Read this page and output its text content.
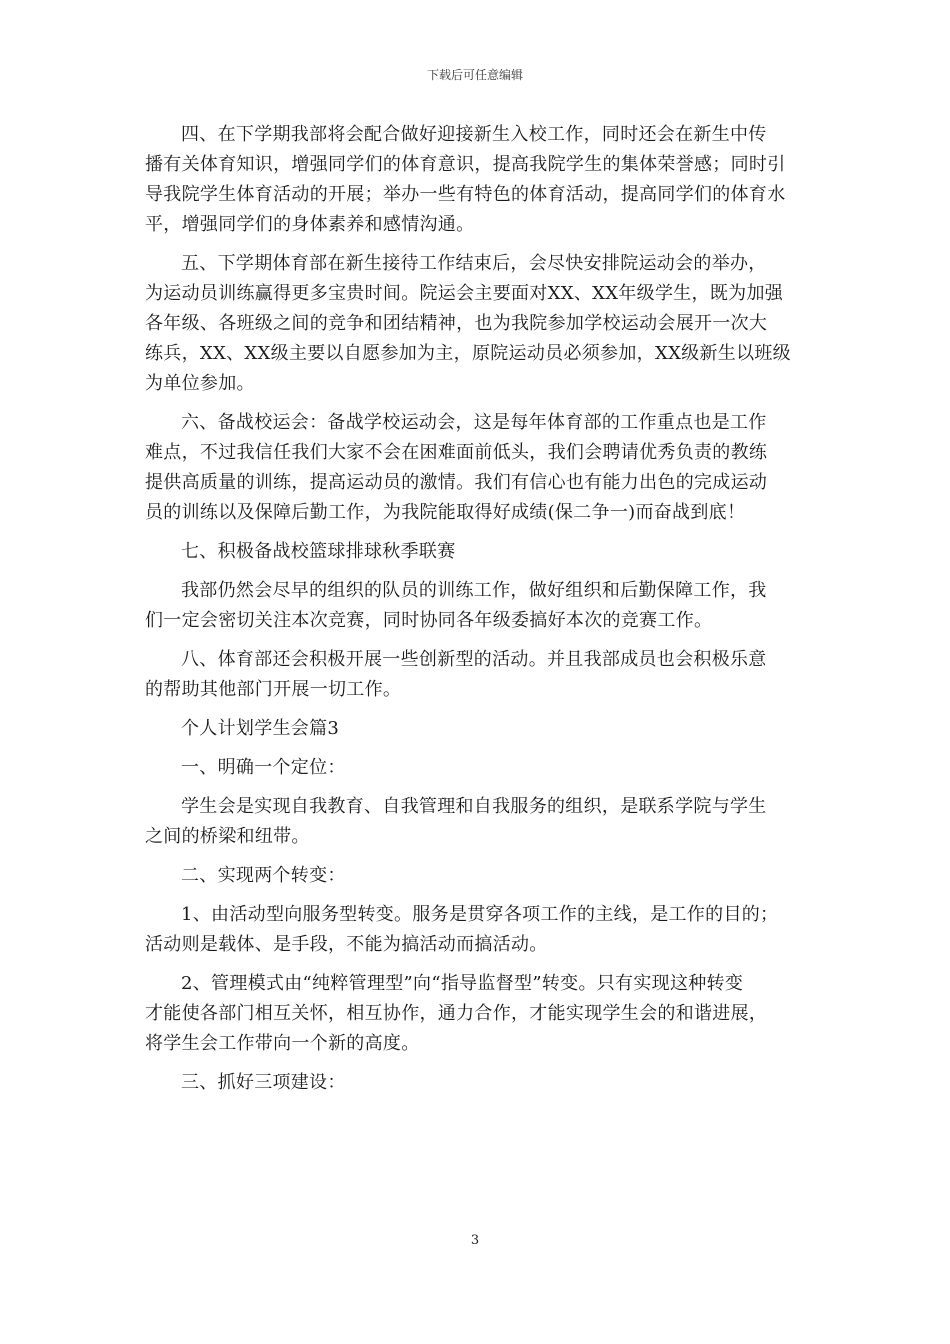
下载后可任意编辑

四、在下学期我部将会配合做好迎接新生入校工作，同时还会在新生中传
播有关体育知识，增强同学们的体育意识，提高我院学生的集体荣誉感；同时引
导我院学生体育活动的开展；举办一些有特色的体育活动，提高同学们的体育水
平，增强同学们的身体素养和感情沟通。

五、下学期体育部在新生接待工作结束后，会尽快安排院运动会的举办，
为运动员训练赢得更多宝贵时间。院运会主要面对XX、XX年级学生，既为加强
各年级、各班级之间的竞争和团结精神，也为我院参加学校运动会展开一次大
练兵，XX、XX级主要以自愿参加为主，原院运动员必须参加，XX级新生以班级
为单位参加。

六、备战校运会：备战学校运动会，这是每年体育部的工作重点也是工作
难点，不过我信任我们大家不会在困难面前低头，我们会聘请优秀负责的教练
提供高质量的训练，提高运动员的激情。我们有信心也有能力出色的完成运动
员的训练以及保障后勤工作，为我院能取得好成绩(保二争一)而奋战到底！

七、积极备战校篮球排球秋季联赛

我部仍然会尽早的组织的队员的训练工作，做好组织和后勤保障工作，我
们一定会密切关注本次竞赛，同时协同各年级委搞好本次的竞赛工作。

八、体育部还会积极开展一些创新型的活动。并且我部成员也会积极乐意
的帮助其他部门开展一切工作。

个人计划学生会篇3

一、明确一个定位：

学生会是实现自我教育、自我管理和自我服务的组织，是联系学院与学生
之间的桥梁和纽带。

二、实现两个转变：

1、由活动型向服务型转变。服务是贯穿各项工作的主线，是工作的目的；
活动则是载体、是手段，不能为搞活动而搞活动。

2、管理模式由“纯粹管理型”向“指导监督型”转变。只有实现这种转变
才能使各部门相互关怀，相互协作，通力合作，才能实现学生会的和谐进展，
将学生会工作带向一个新的高度。

三、抓好三项建设：

3
